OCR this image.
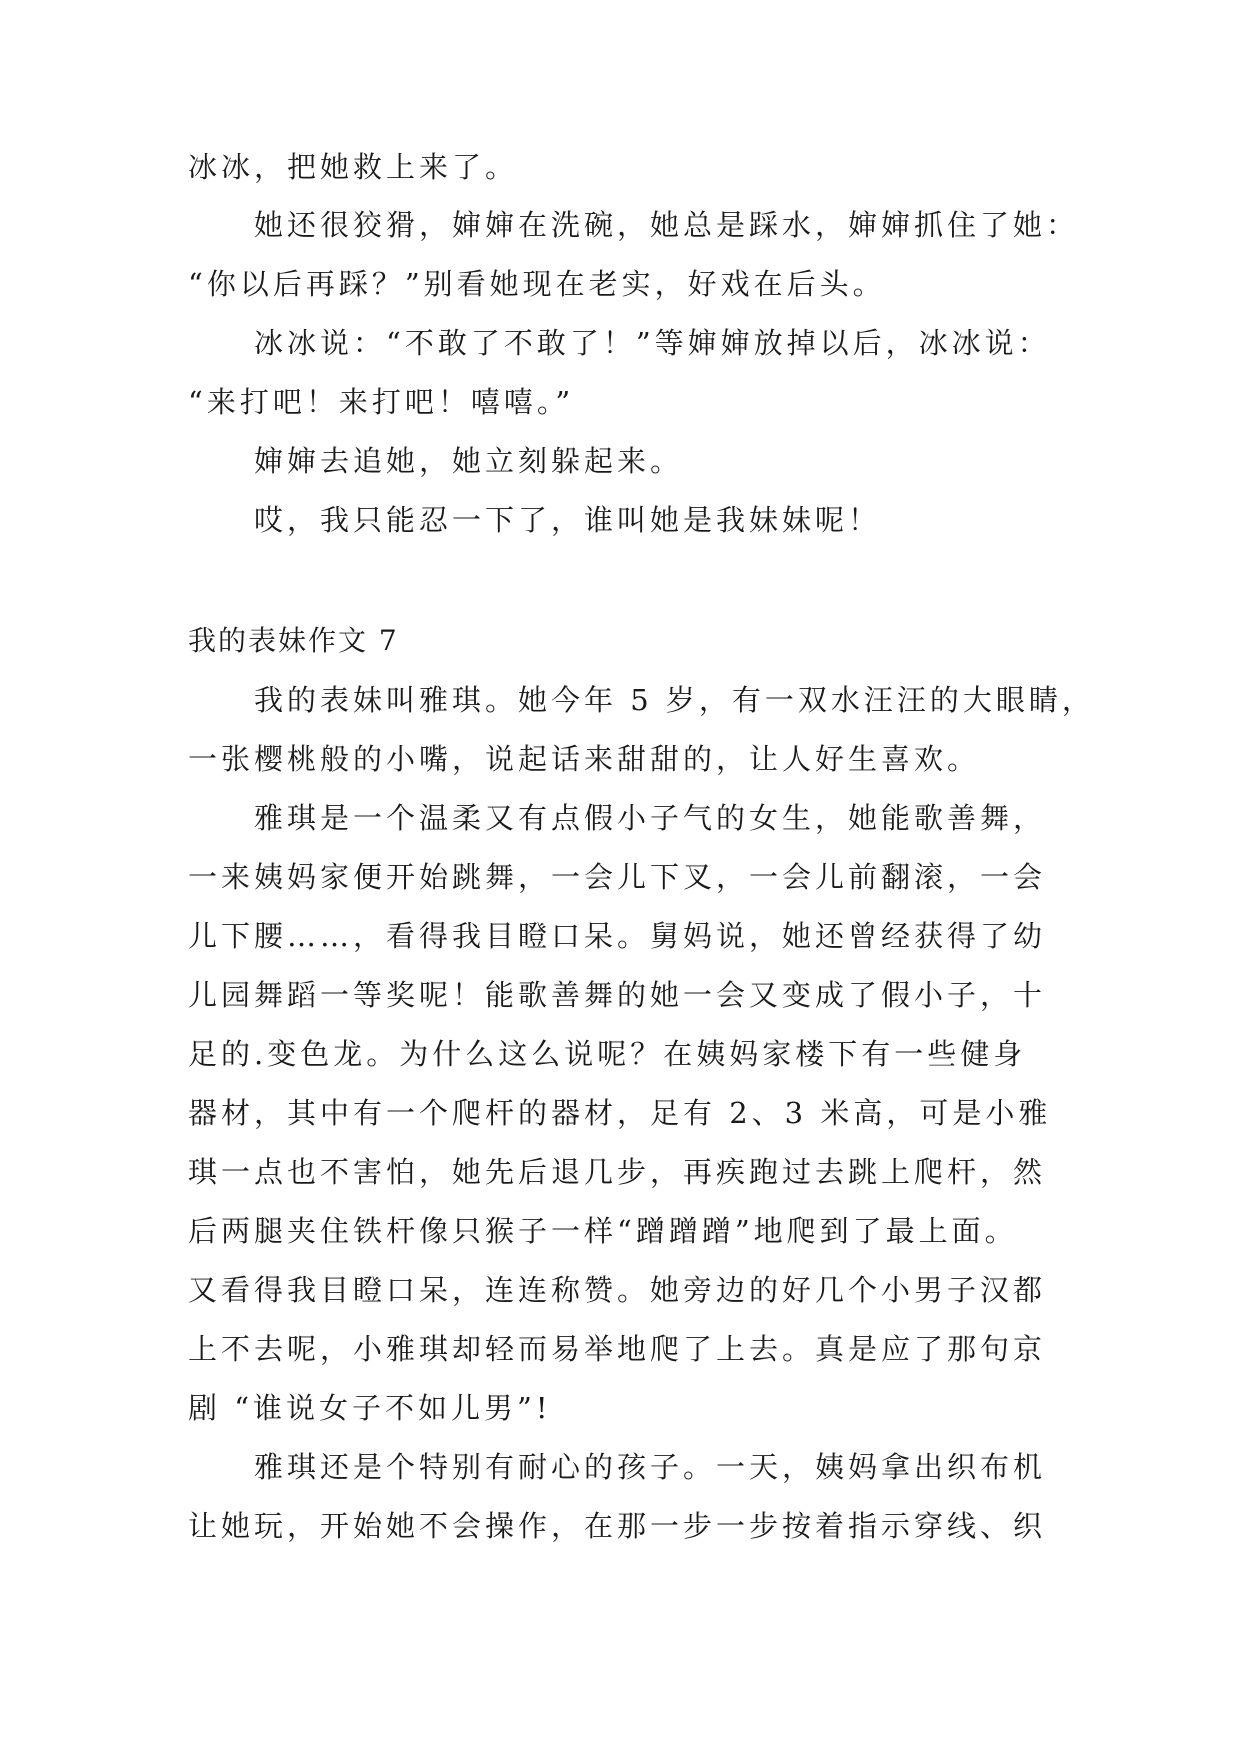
冰冰，把她救上来了。
她还很狡猾，婶婶在洗碗，她总是踩水，婶婶抓住了她：
“你以后再踩？”别看她现在老实，好戏在后头。
冰冰说：“不敢了不敢了！”等婶婶放掉以后，冰冰说：
“来打吧！来打吧！嘻嘻。”
婶婶去追她，她立刻躲起来。
哎，我只能忍一下了，谁叫她是我妹妹呢！
我的表妹作文 7
我的表妹叫雅琪。她今年 5 岁，有一双水汪汪的大眼睛，
一张樱桃般的小嘴，说起话来甜甜的，让人好生喜欢。
雅琪是一个温柔又有点假小子气的女生，她能歌善舞，
一来姨妈家便开始跳舞，一会儿下叉，一会儿前翻滚，一会
儿下腰……，看得我目瞪口呆。舅妈说，她还曾经获得了幼
儿园舞蹈一等奖呢！能歌善舞的她一会又变成了假小子，十
足的.变色龙。为什么这么说呢？在姨妈家楼下有一些健身
器材，其中有一个爬杆的器材，足有 2、3 米高，可是小雅
琪一点也不害怕，她先后退几步，再疾跑过去跳上爬杆，然
后两腿夹住铁杆像只猴子一样“蹭蹭蹭”地爬到了最上面。
又看得我目瞪口呆，连连称赞。她旁边的好几个小男子汉都
上不去呢，小雅琪却轻而易举地爬了上去。真是应了那句京
剧 “谁说女子不如儿男”!
雅琪还是个特别有耐心的孩子。一天，姨妈拿出织布机
让她玩，开始她不会操作，在那一步一步按着指示穿线、织
